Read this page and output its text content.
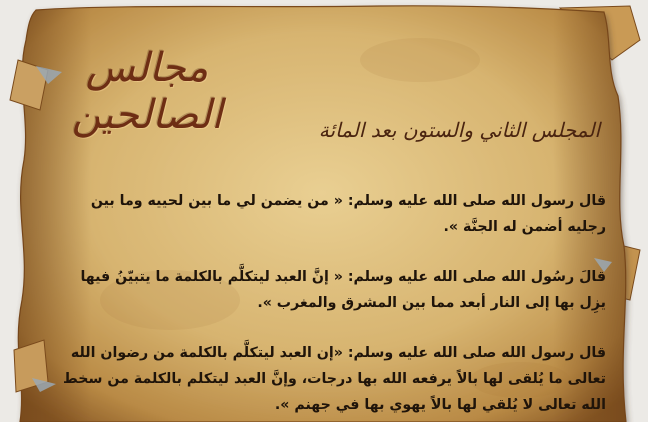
مجالس
الصالحين	المجلس الثاني والستون بعد المائة
قال رسول الله صلى الله عليه وسلم: « من يضمن لي ما بين لحييه وما بين رجليه أضمن له الجنَّة ».
قالَ رسُول الله صلى الله عليه وسلم: « إنَّ العبد ليتكلَّم بالكلمة ما يتبيّنُ فيها يزِل بها إلى النار أبعد مما بين المشرق والمغرب ».
قال رسول الله صلى الله عليه وسلم: «إن العبد ليتكلَّم بالكلمة من رضوان الله تعالى ما يُلقى لها بالاً يرفعه الله بها درجات، وإنَّ العبد ليتكلم بالكلمة من سخط الله تعالى لا يُلقي لها بالاً يهوي بها في جهنم ».
